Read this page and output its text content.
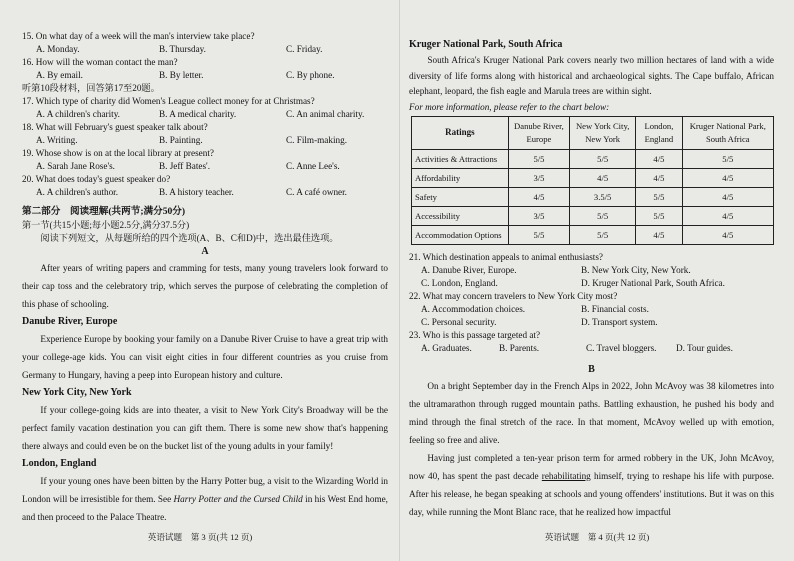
15. On what day of a week will the man's interview take place?
A. Monday.	B. Thursday.	C. Friday.
16. How will the woman contact the man?
A. By email.	B. By letter.	C. By phone.
听第10段材料，回答第17至20题。
17. Which type of charity did Women's League collect money for at Christmas?
A. A children's charity.	B. A medical charity.	C. An animal charity.
18. What will February's guest speaker talk about?
A. Writing.	B. Painting.	C. Film-making.
19. Whose show is on at the local library at present?
A. Sarah Jane Rose's.	B. Jeff Bates'.	C. Anne Lee's.
20. What does today's guest speaker do?
A. A children's author.	B. A history teacher.	C. A café owner.
第二部分　阅读理解(共两节;满分50分)
第一节(共15小题;每小题2.5分,满分37.5分)
阅读下列短文，从每题所给的四个选项(A、B、C和D)中，选出最佳选项。
A

After years of writing papers and cramming for tests, many young travelers look forward to their cap toss and the celebratory trip, which serves the purpose of celebrating the completion of this phase of schooling.

Danube River, Europe

Experience Europe by booking your family on a Danube River Cruise to have a great trip with your college-age kids. You can visit eight cities in four different countries as you cruise from Germany to Hungary, having a peep into European history and culture.

New York City, New York

If your college-going kids are into theater, a visit to New York City's Broadway will be the perfect family vacation destination you can gift them. There is some new show that's happening there always and could even be on the bucket list of the young adults in your family!

London, England

If your young ones have been bitten by the Harry Potter bug, a visit to the Wizarding World in London will be irresistible for them. See Harry Potter and the Cursed Child in his West End home, and then proceed to the Palace Theatre.

英语试题　第 3 页(共 12 页)
Kruger National Park, South Africa

South Africa's Kruger National Park covers nearly two million hectares of land with a wide diversity of life forms along with historical and archaeological sights. The Cape buffalo, African elephant, leopard, the fish eagle and Marula trees are within sight.

For more information, please refer to the chart below:
Ratings	Danube River, Europe	New York City, New York	London, England	Kruger National Park, South Africa
Activities & Attractions	5/5	5/5	4/5	5/5
Affordability	3/5	4/5	4/5	4/5
Safety	4/5	3.5/5	5/5	4/5
Accessibility	3/5	5/5	5/5	4/5
Accommodation Options	5/5	5/5	4/5	4/5
21. Which destination appeals to animal enthusiasts?
A. Danube River, Europe.	B. New York City, New York.
C. London, England.	D. Kruger National Park, South Africa.
22. What may concern travelers to New York City most?
A. Accommodation choices.	B. Financial costs.
C. Personal security.	D. Transport system.
23. Who is this passage targeted at?
A. Graduates.	B. Parents.	C. Travel bloggers.	D. Tour guides.
B

On a bright September day in the French Alps in 2022, John McAvoy was 38 kilometres into the ultramarathon through rugged mountain paths. Battling exhaustion, he pushed his body and mind through the final stretch of the race. In that moment, McAvoy welled up with emotion, feeling so free and alive.

Having just completed a ten-year prison term for armed robbery in the UK, John McAvoy, now 40, has spent the past decade rehabilitating himself, trying to reshape his life with purpose. After his release, he began speaking at schools and young offenders' institutions. But it was on this day, while running the Mont Blanc race, that he realized how impactful

英语试题　第 4 页(共 12 页)
